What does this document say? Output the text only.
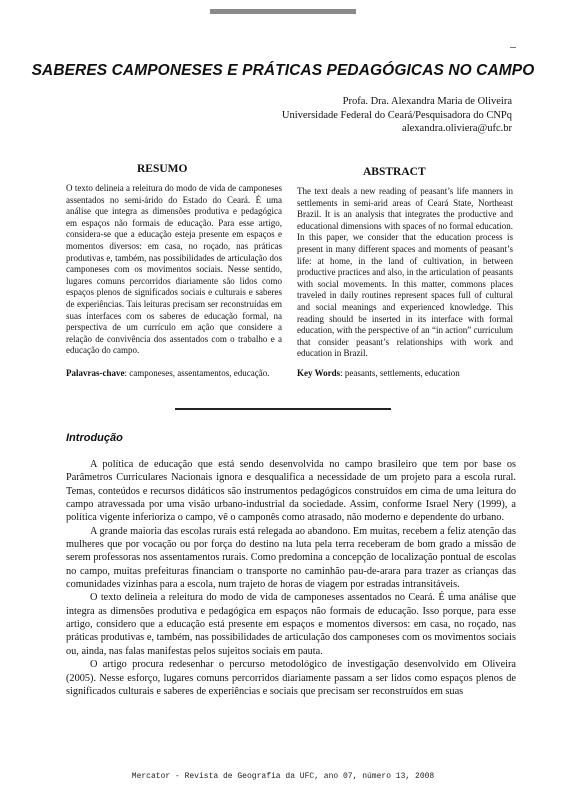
SABERES CAMPONESES E PRÁTICAS PEDAGÓGICAS NO CAMPO
Profa. Dra. Alexandra Maria de Oliveira
Universidade Federal do Ceará/Pesquisadora do CNPq
alexandra.oliviera@ufc.br
RESUMO

O texto delineia a releitura do modo de vida de camponeses assentados no semi-árido do Estado do Ceará. É uma análise que integra as dimensões produtiva e pedagógica em espaços não formais de educação. Para esse artigo, considera-se que a educação esteja presente em espaços e momentos diversos: em casa, no roçado, nas práticas produtivas e, também, nas possibilidades de articulação dos camponeses com os movimentos sociais. Nesse sentido, lugares comuns percorridos diariamente são lidos como espaços plenos de significados sociais e culturais e saberes de experiências. Tais leituras precisam ser reconstruídas em suas interfaces com os saberes de educação formal, na perspectiva de um currículo em ação que considere a relação de convivência dos assentados com o trabalho e a educação do campo.

Palavras-chave: camponeses, assentamentos, educação.

ABSTRACT

The text deals a new reading of peasant’s life manners in settlements in semi-arid areas of Ceará State, Northeast Brazil. It is an analysis that integrates the productive and educational dimensions with spaces of no formal education. In this paper, we consider that the education process is present in many different spaces and moments of peasant’s life: at home, in the land of cultivation, in between productive practices and also, in the articulation of peasants with social movements. In this matter, commons places traveled in daily routines represent spaces full of cultural and social meanings and experienced knowledge. This reading should be inserted in its interface with formal education, with the perspective of an “in action” curriculum that consider peasant’s relationships with work and education in Brazil.

Key Words: peasants, settlements, education

Introdução

A política de educação que está sendo desenvolvida no campo brasileiro que tem por base os Parâmetros Curriculares Nacionais ignora e desqualifica a necessidade de um projeto para a escola rural. Temas, conteúdos e recursos didáticos são instrumentos pedagógicos construídos em cima de uma leitura do campo atravessada por uma visão urbano-industrial da sociedade. Assim, conforme Israel Nery (1999), a política vigente inferioriza o campo, vê o camponês como atrasado, não moderno e dependente do urbano.

A grande maioria das escolas rurais está relegada ao abandono. Em muitas, recebem a feliz atenção das mulheres que por vocação ou por força do destino na luta pela terra receberam de bom grado a missão de serem professoras nos assentamentos rurais. Como predomina a concepção de localização pontual de escolas no campo, muitas prefeituras financiam o transporte no caminhão pau-de-arara para trazer as crianças das comunidades vizinhas para a escola, num trajeto de horas de viagem por estradas intransitáveis.

O texto delineia a releitura do modo de vida de camponeses assentados no Ceará. É uma análise que integra as dimensões produtiva e pedagógica em espaços não formais de educação. Isso porque, para esse artigo, considero que a educação está presente em espaços e momentos diversos: em casa, no roçado, nas práticas produtivas e, também, nas possibilidades de articulação dos camponeses com os movimentos sociais ou, ainda, nas falas manifestas pelos sujeitos sociais em pauta.

O artigo procura redesenhar o percurso metodológico de investigação desenvolvido em Oliveira (2005). Nesse esforço, lugares comuns percorridos diariamente passam a ser lidos como espaços plenos de significados culturais e saberes de experiências e sociais que precisam ser reconstruídos em suas

Mercator - Revista de Geografia da UFC, ano 07, número 13, 2008
